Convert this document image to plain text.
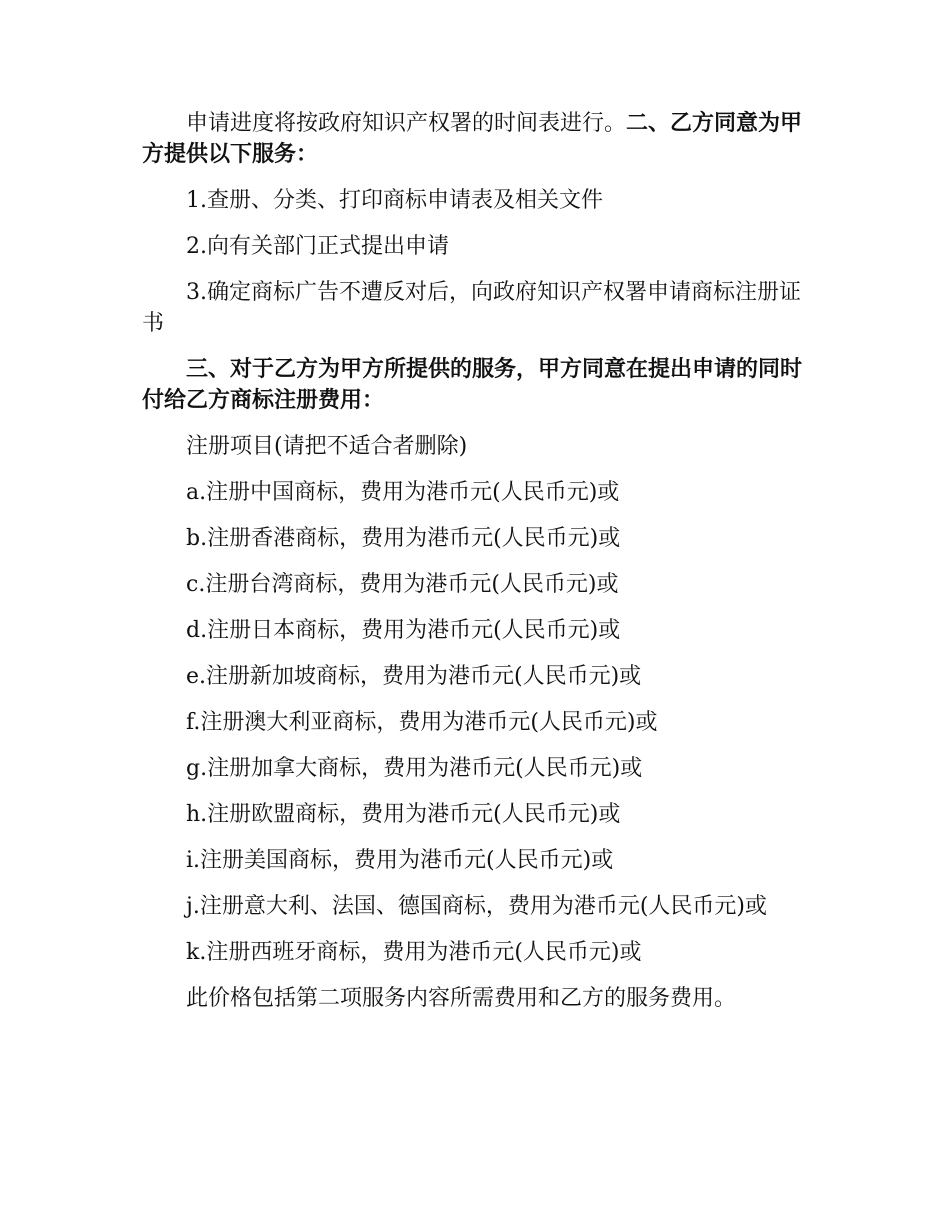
申请进度将按政府知识产权署的时间表进行。二、乙方同意为甲方提供以下服务：

1.查册、分类、打印商标申请表及相关文件

2.向有关部门正式提出申请

3.确定商标广告不遭反对后，向政府知识产权署申请商标注册证书

三、对于乙方为甲方所提供的服务，甲方同意在提出申请的同时付给乙方商标注册费用：

注册项目(请把不适合者删除)

a.注册中国商标，费用为港币元(人民币元)或

b.注册香港商标，费用为港币元(人民币元)或

c.注册台湾商标，费用为港币元(人民币元)或

d.注册日本商标，费用为港币元(人民币元)或

e.注册新加坡商标，费用为港币元(人民币元)或

f.注册澳大利亚商标，费用为港币元(人民币元)或

g.注册加拿大商标，费用为港币元(人民币元)或

h.注册欧盟商标，费用为港币元(人民币元)或

i.注册美国商标，费用为港币元(人民币元)或

j.注册意大利、法国、德国商标，费用为港币元(人民币元)或

k.注册西班牙商标，费用为港币元(人民币元)或

此价格包括第二项服务内容所需费用和乙方的服务费用。
